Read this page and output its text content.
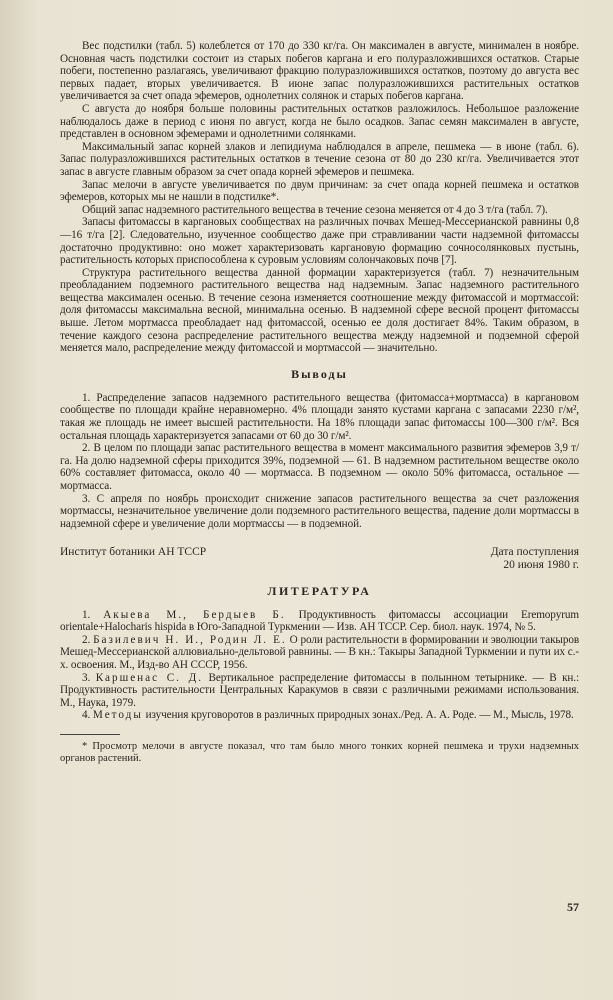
Вес подстилки (табл. 5) колеблется от 170 до 330 кг/га. Он максимален в августе, минимален в ноябре. Основная часть подстилки состоит из старых побегов каргана и его полуразложившихся остатков. Старые побеги, постепенно разлагаясь, увеличивают фракцию полуразложившихся остатков, поэтому до августа вес первых падает, вторых увеличивается. В июне запас полуразложившихся растительных остатков увеличивается за счет опада эфемеров, однолетних солянок и старых побегов каргана.

С августа до ноября больше половины растительных остатков разложилось. Небольшое разложение наблюдалось даже в период с июня по август, когда не было осадков. Запас семян максимален в августе, представлен в основном эфемерами и однолетними солянками.

Максимальный запас корней злаков и лепидиума наблюдался в апреле, пешмека — в июне (табл. 6). Запас полуразложившихся растительных остатков в течение сезона от 80 до 230 кг/га. Увеличивается этот запас в августе главным образом за счет опада корней эфемеров и пешмека.

Запас мелочи в августе увеличивается по двум причинам: за счет опада корней пешмека и остатков эфемеров, которых мы не нашли в подстилке*.

Общий запас надземного растительного вещества в течение сезона меняется от 4 до 3 т/га (табл. 7).

Запасы фитомассы в каргановых сообществах на различных почвах Мешед-Мессерианской равнины 0,8—16 т/га [2]. Следовательно, изученное сообщество даже при стравливании части надземной фитомассы достаточно продуктивно: оно может характеризовать каргановую формацию сочносолянковых пустынь, растительность которых приспособлена к суровым условиям солончаковых почв [7].

Структура растительного вещества данной формации характеризуется (табл. 7) незначительным преобладанием подземного растительного вещества над надземным. Запас надземного растительного вещества максимален осенью. В течение сезона изменяется соотношение между фитомассой и мортмассой: доля фитомассы максимальна весной, минимальна осенью. В надземной сфере весной процент фитомассы выше. Летом мортмасса преобладает над фитомассой, осенью ее доля достигает 84%. Таким образом, в течение каждого сезона распределение растительного вещества между надземной и подземной сферой меняется мало, распределение между фитомассой и мортмассой — значительно.

Выводы

1. Распределение запасов надземного растительного вещества (фитомасса+мортмасса) в каргановом сообществе по площади крайне неравномерно. 4% площади занято кустами каргана с запасами 2230 г/м², такая же площадь не имеет высшей растительности. На 18% площади запас фитомассы 100—300 г/м². Вся остальная площадь характеризуется запасами от 60 до 30 г/м².

2. В целом по площади запас растительного вещества в момент максимального развития эфемеров 3,9 т/га. На долю надземной сферы приходится 39%, подземной — 61. В надземном растительном веществе около 60% составляет фитомасса, около 40 — мортмасса. В подземном — около 50% фитомасса, остальное — мортмасса.

3. С апреля по ноябрь происходит снижение запасов растительного вещества за счет разложения мортмассы, незначительное увеличение доли подземного растительного вещества, падение доли мортмассы в надземной сфере и увеличение доли мортмассы — в подземной.

Институт ботаники АН ТССР	Дата поступления
20 июня 1980 г.
ЛИТЕРАТУРА

1. Акыева М., Бердыев Б. Продуктивность фитомассы ассоциации Eremopyrum orientale+Halocharis hispida в Юго-Западной Туркмении — Изв. АН ТССР. Сер. биол. наук. 1974, № 5.

2. Базилевич Н. И., Родин Л. Е. О роли растительности в формировании и эволюции такыров Мешед-Мессерианской аллювиально-дельтовой равнины. — В кн.: Такыры Западной Туркмении и пути их с.-х. освоения. М., Изд-во АН СССР, 1956.

3. Каршенас С. Д. Вертикальное распределение фитомассы в полынном тетырнике. — В кн.: Продуктивность растительности Центральных Каракумов в связи с различными режимами использования. М., Наука, 1979.

4. Методы изучения круговоротов в различных природных зонах./Ред. А. А. Роде. — М., Мысль, 1978.

* Просмотр мелочи в августе показал, что там было много тонких корней пешмека и трухи надземных органов растений.

57
